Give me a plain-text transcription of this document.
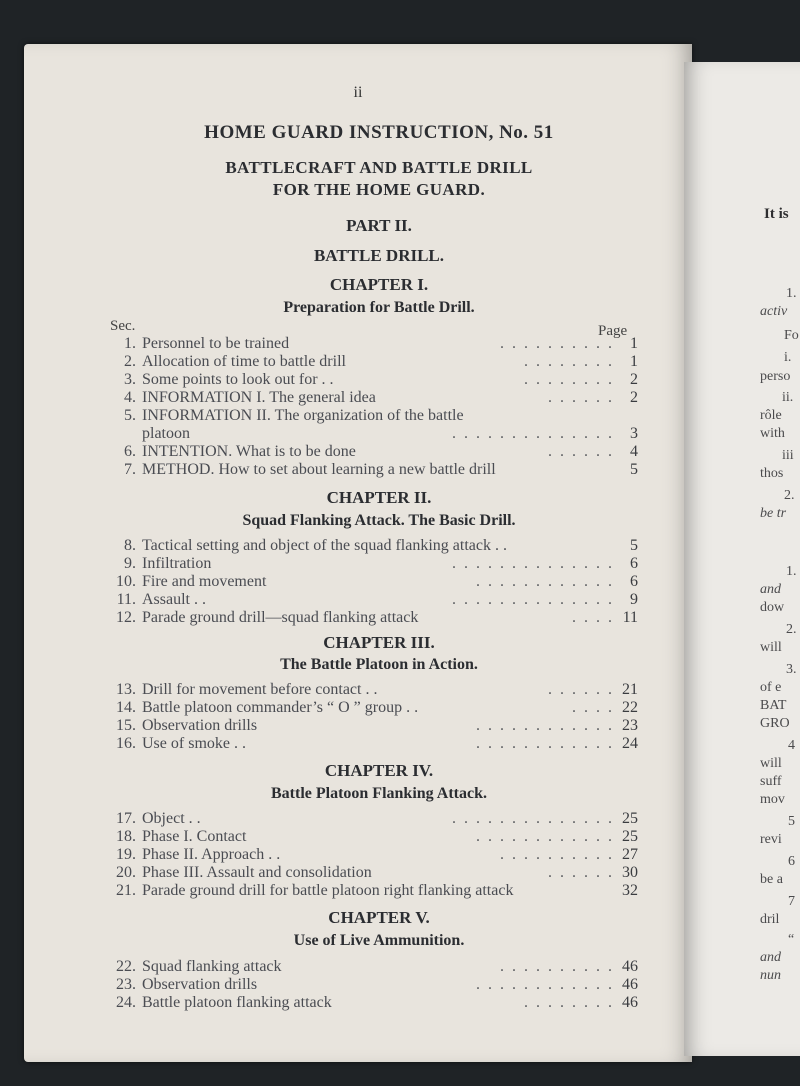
ii
HOME GUARD INSTRUCTION, No. 51
BATTLECRAFT AND BATTLE DRILL
FOR THE HOME GUARD.
PART II.
BATTLE DRILL.
CHAPTER I.
Preparation for Battle Drill.
Sec.	Page
1. Personnel to be trained	. . . . . . . . . .	1
2. Allocation of time to battle drill	. . . . . . . .	1
3. Some points to look out for . .	. . . . . . . .	2
4. INFORMATION I. The general idea	. . . . . .	2
5. INFORMATION II. The organization of the battle
platoon	. . . . . . . . . . . . . .	3
6. INTENTION. What is to be done	. . . . . .	4
7. METHOD. How to set about learning a new battle drill	5
CHAPTER II.
Squad Flanking Attack. The Basic Drill.
8. Tactical setting and object of the squad flanking attack . .	5
9. Infiltration	. . . . . . . . . . . . . .	6
10. Fire and movement	. . . . . . . . . . . .	6
11. Assault . .	. . . . . . . . . . . . . .	9
12. Parade ground drill—squad flanking attack	. . . . 11
CHAPTER III.
The Battle Platoon in Action.
13. Drill for movement before contact . .	. . . . . . 21
14. Battle platoon commander’s “ O ” group . .	. . . . 22
15. Observation drills	. . . . . . . . . . . . 23
16. Use of smoke . .	. . . . . . . . . . . . 24
CHAPTER IV.
Battle Platoon Flanking Attack.
17. Object . .	. . . . . . . . . . . . . . 25
18. Phase I. Contact	. . . . . . . . . . . . 25
19. Phase II. Approach . .	. . . . . . . . . . 27
20. Phase III. Assault and consolidation	. . . . . . 30
21. Parade ground drill for battle platoon right flanking attack	32
CHAPTER V.
Use of Live Ammunition.
22. Squad flanking attack	. . . . . . . . . . 46
23. Observation drills	. . . . . . . . . . . . 46
24. Battle platoon flanking attack	. . . . . . . . 46
It is
1.
activ
Fo
i.
perso
ii.
rôle
with
iii
thos
2.
be tr
1.
and
dow
2.
will
3.
of e
BAT
GRO
4
will
suff
mov
5
revi
6
be a
7
dril
“
and
nun
